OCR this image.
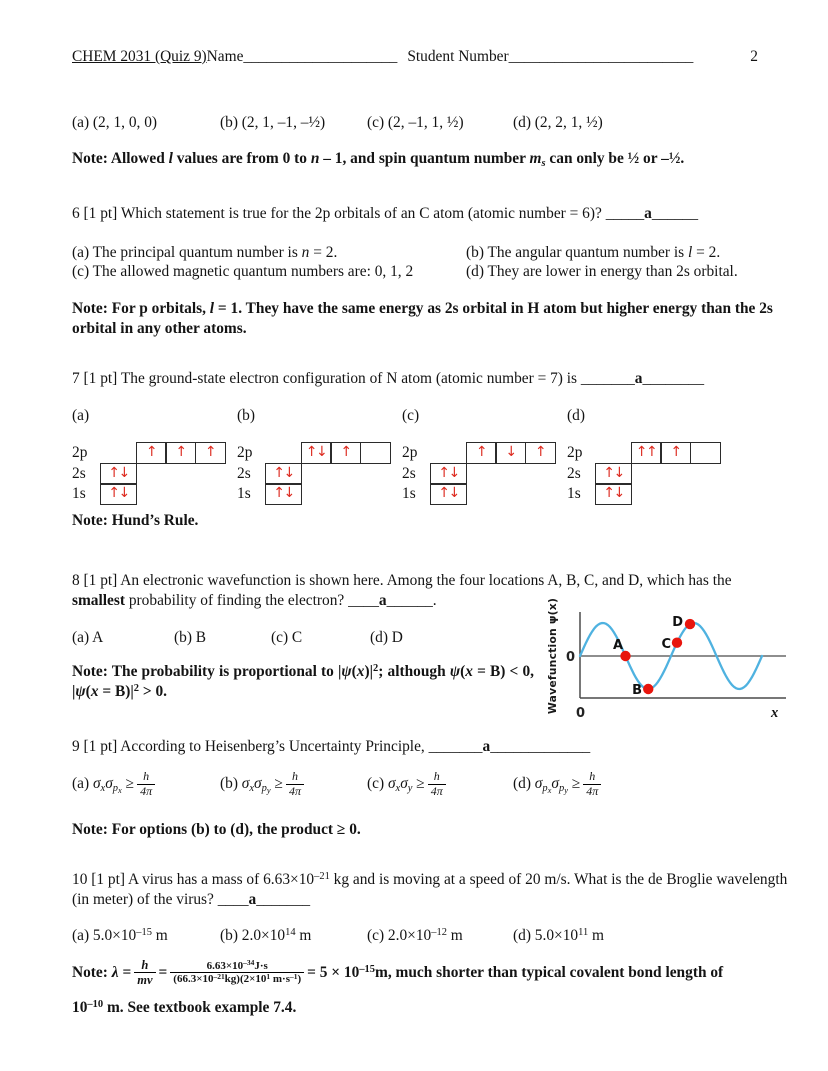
CHEM 2031 (Quiz 9) Name ____________________ Student Number ________________________	2
(a) (2, 1, 0, 0)	(b) (2, 1, –1, –½)	(c) (2, –1, 1, ½)	(d) (2, 2, 1, ½)
Note: Allowed l values are from 0 to n – 1, and spin quantum number ms can only be ½ or –½.
6 [1 pt] Which statement is true for the 2p orbitals of an C atom (atomic number = 6)? _____a______
(a) The principal quantum number is n = 2.	(b) The angular quantum number is l = 2.
(c) The allowed magnetic quantum numbers are: 0, 1, 2	(d) They are lower in energy than 2s orbital.
Note: For p orbitals, l = 1. They have the same energy as 2s orbital in H atom but higher energy than the 2s orbital in any other atoms.
7 [1 pt] The ground-state electron configuration of N atom (atomic number = 7) is _______a________
(a)
2p	↑ ↑ ↑
2s ↑↓
1s ↑↓
(b)
2p	↑↓ ↑
2s ↑↓
1s ↑↓
(c)
2p	↑ ↓ ↑
2s ↑↓
1s ↑↓
(d)
2p	↑↑ ↑
2s ↑↓
1s ↑↓
Note: Hund’s Rule.
8 [1 pt] An electronic wavefunction is shown here. Among the four locations A, B, C, and D, which has the smallest probability of finding the electron? ____a______.
(a) A	(b) B	(c) C	(d) D
Note: The probability is proportional to $|\psi(x)|^2$; although ψ(x = B) < 0, $|\psi(x = B)|^2 > 0$.
A
B
C
D
Wavefunction ψ(x) 0
0	x
9 [1 pt] According to Heisenberg’s Uncertainty Principle, _______a_____________
(a) $\sigma x\sigma p_x \ge \frac{h}{4\pi}$	(b) $\sigma x\sigma p_y \ge \frac{h}{4\pi}$	(c) $\sigma x\sigma y \ge \frac{h}{4\pi}$	(d) $\sigma p_x\sigma p_y \ge \frac{h}{4\pi}$
Note: For options (b) to (d), the product ≥ 0.
10 [1 pt] A virus has a mass of $6.63\times 10^{-21}$ kg and is moving at a speed of 20 m/s. What is the de Broglie wavelength (in meter) of the virus? ____a_______
(a) $5.0\times 10^{-15}$ m	(b) $2.0\times 10^{14}$ m	(c) $2.0\times 10^{-12}$ m	(d) $5.0\times 10^{11}$ m
Note: $\lambda = \frac{h}{mv} = \frac{6.63\times 10^{-34}J\cdot s}{(66.3\times 10^{-21}kg)(2\times 10^1 m\cdot s^{-1})} = 5 \times 10^{-15}m$, much shorter than typical covalent bond length of
$10^{-10}$ m. See textbook example 7.4.
